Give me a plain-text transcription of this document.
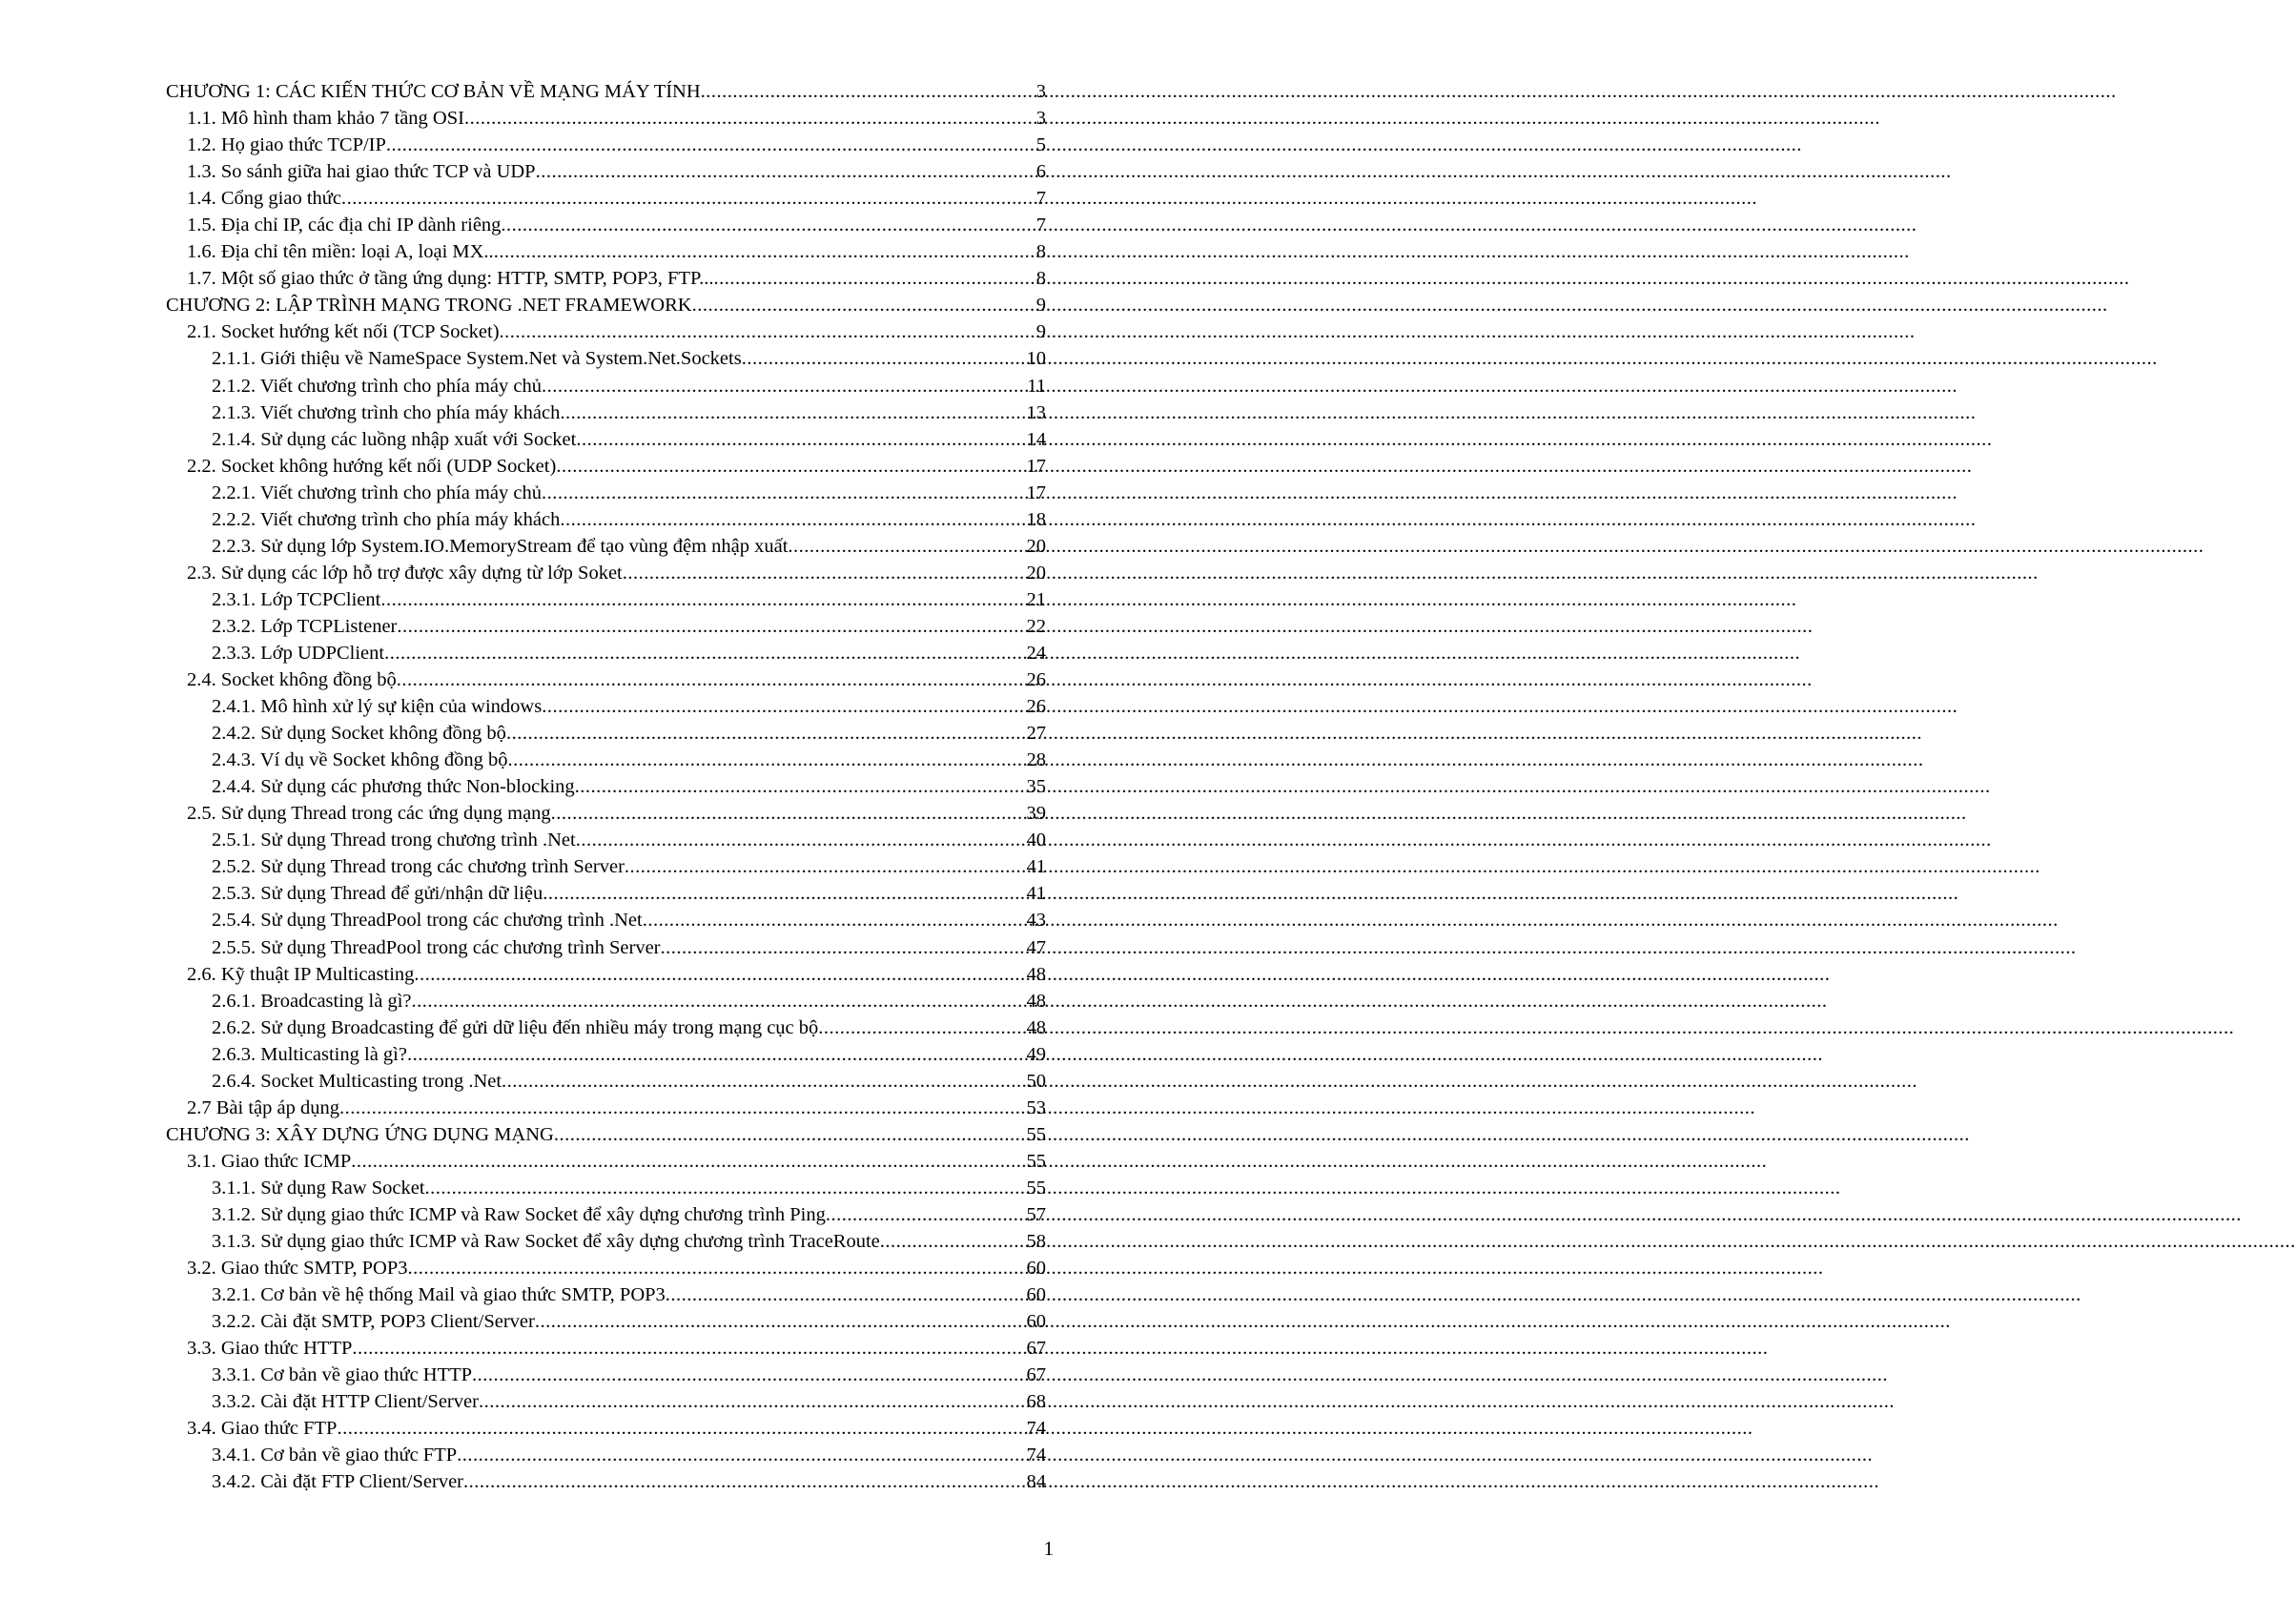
CHƯƠNG 1: CÁC KIẾN THỨC CƠ BẢN VỀ MẠNG MÁY TÍNH .....	3
1.1. Mô hình tham khảo 7 tầng OSI .....	3
1.2. Họ giao thức TCP/IP .....	5
1.3. So sánh giữa hai giao thức TCP và UDP .....	6
1.4. Cổng giao thức .....	7
1.5. Địa chỉ IP, các địa chỉ IP dành riêng .....	7
1.6. Địa chỉ tên miền: loại A, loại MX.. .....	8
1.7. Một số giao thức ở tầng ứng dụng: HTTP, SMTP, POP3, FTP... .....	8
CHƯƠNG 2: LẬP TRÌNH MẠNG TRONG .NET FRAMEWORK .....	9
2.1. Socket hướng kết nối (TCP Socket) .....	9
2.1.1. Giới thiệu về NameSpace System.Net và System.Net.Sockets .....	10
2.1.2. Viết chương trình cho phía máy chủ .....	11
2.1.3. Viết chương trình cho phía máy khách .....	13
2.1.4. Sử dụng các luồng nhập xuất với Socket .....	14
2.2. Socket không hướng kết nối (UDP Socket) .....	17
2.2.1. Viết chương trình cho phía máy chủ .....	17
2.2.2. Viết chương trình cho phía máy khách .....	18
2.2.3. Sử dụng lớp System.IO.MemoryStream để tạo vùng đệm nhập xuất .....	20
2.3. Sử dụng các lớp hỗ trợ được xây dựng từ lớp Soket .....	20
2.3.1. Lớp TCPClient .....	21
2.3.2. Lớp TCPListener .....	22
2.3.3. Lớp UDPClient .....	24
2.4. Socket không đồng bộ .....	26
2.4.1. Mô hình xử lý sự kiện của windows .....	26
2.4.2. Sử dụng Socket không đồng bộ .....	27
2.4.3. Ví dụ về Socket không đồng bộ .....	28
2.4.4. Sử dụng các phương thức Non-blocking .....	35
2.5. Sử dụng Thread trong các ứng dụng mạng .....	39
2.5.1. Sử dụng Thread trong chương trình .Net .....	40
2.5.2. Sử dụng Thread trong các chương trình Server .....	41
2.5.3. Sử dụng Thread để gửi/nhận dữ liệu .....	41
2.5.4. Sử dụng ThreadPool trong các chương trình .Net .....	43
2.5.5. Sử dụng ThreadPool trong các chương trình Server .....	47
2.6. Kỹ thuật IP Multicasting .....	48
2.6.1. Broadcasting là gì? .....	48
2.6.2. Sử dụng Broadcasting để gửi dữ liệu đến nhiều máy trong mạng cục bộ .....	48
2.6.3. Multicasting là gì? .....	49
2.6.4. Socket Multicasting trong .Net .....	50
2.7 Bài tập áp dụng .....	53
CHƯƠNG 3: XÂY DỰNG ỨNG DỤNG MẠNG .....	55
3.1. Giao thức ICMP .....	55
3.1.1. Sử dụng Raw Socket .....	55
3.1.2. Sử dụng giao thức ICMP và Raw Socket để xây dựng chương trình Ping .....	57
3.1.3. Sử dụng giao thức ICMP và Raw Socket để xây dựng chương trình TraceRoute .....	58
3.2. Giao thức SMTP, POP3 .....	60
3.2.1. Cơ bản về hệ thống Mail và giao thức SMTP, POP3 .....	60
3.2.2. Cài đặt SMTP, POP3 Client/Server .....	60
3.3. Giao thức HTTP .....	67
3.3.1. Cơ bản về giao thức HTTP .....	67
3.3.2. Cài đặt HTTP Client/Server .....	68
3.4. Giao thức FTP .....	74
3.4.1. Cơ bản về giao thức FTP .....	74
3.4.2. Cài đặt FTP Client/Server .....	84
1
